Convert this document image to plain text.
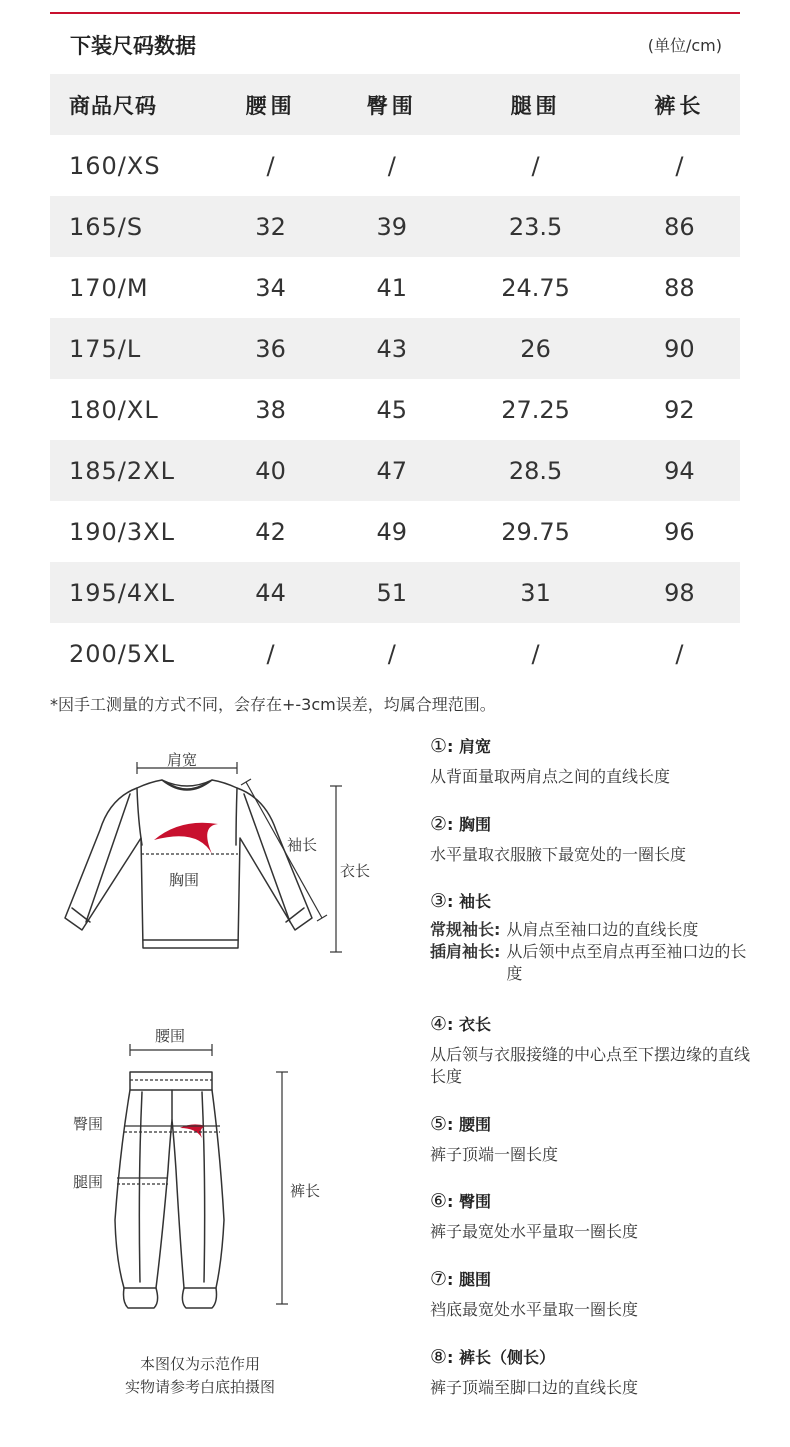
下装尺码数据	(单位/cm)
商品尺码	腰围	臀围	腿围	裤长
160/XS	/	/	/	/
165/S	32	39	23.5	86
170/M	34	41	24.75	88
175/L	36	43	26	90
180/XL	38	45	27.25	92
185/2XL	40	47	28.5	94
190/3XL	42	49	29.75	96
195/4XL	44	51	31	98
200/5XL	/	/	/	/
*因手工测量的方式不同，会存在+-3cm误差，均属合理范围。
肩宽
袖长
胸围	衣长
腰围
臀围
腿围	裤长
本图仅为示范作用
实物请参考白底拍摄图
①: 肩宽
从背面量取两肩点之间的直线长度
②: 胸围
水平量取衣服腋下最宽处的一圈长度
③: 袖长
常规袖长: 从肩点至袖口边的直线长度
插肩袖长: 从后领中点至肩点再至袖口边的长度
④: 衣长
从后领与衣服接缝的中心点至下摆边缘的直线长度
⑤: 腰围
裤子顶端一圈长度
⑥: 臀围
裤子最宽处水平量取一圈长度
⑦: 腿围
裆底最宽处水平量取一圈长度
⑧: 裤长（侧长）
裤子顶端至脚口边的直线长度
